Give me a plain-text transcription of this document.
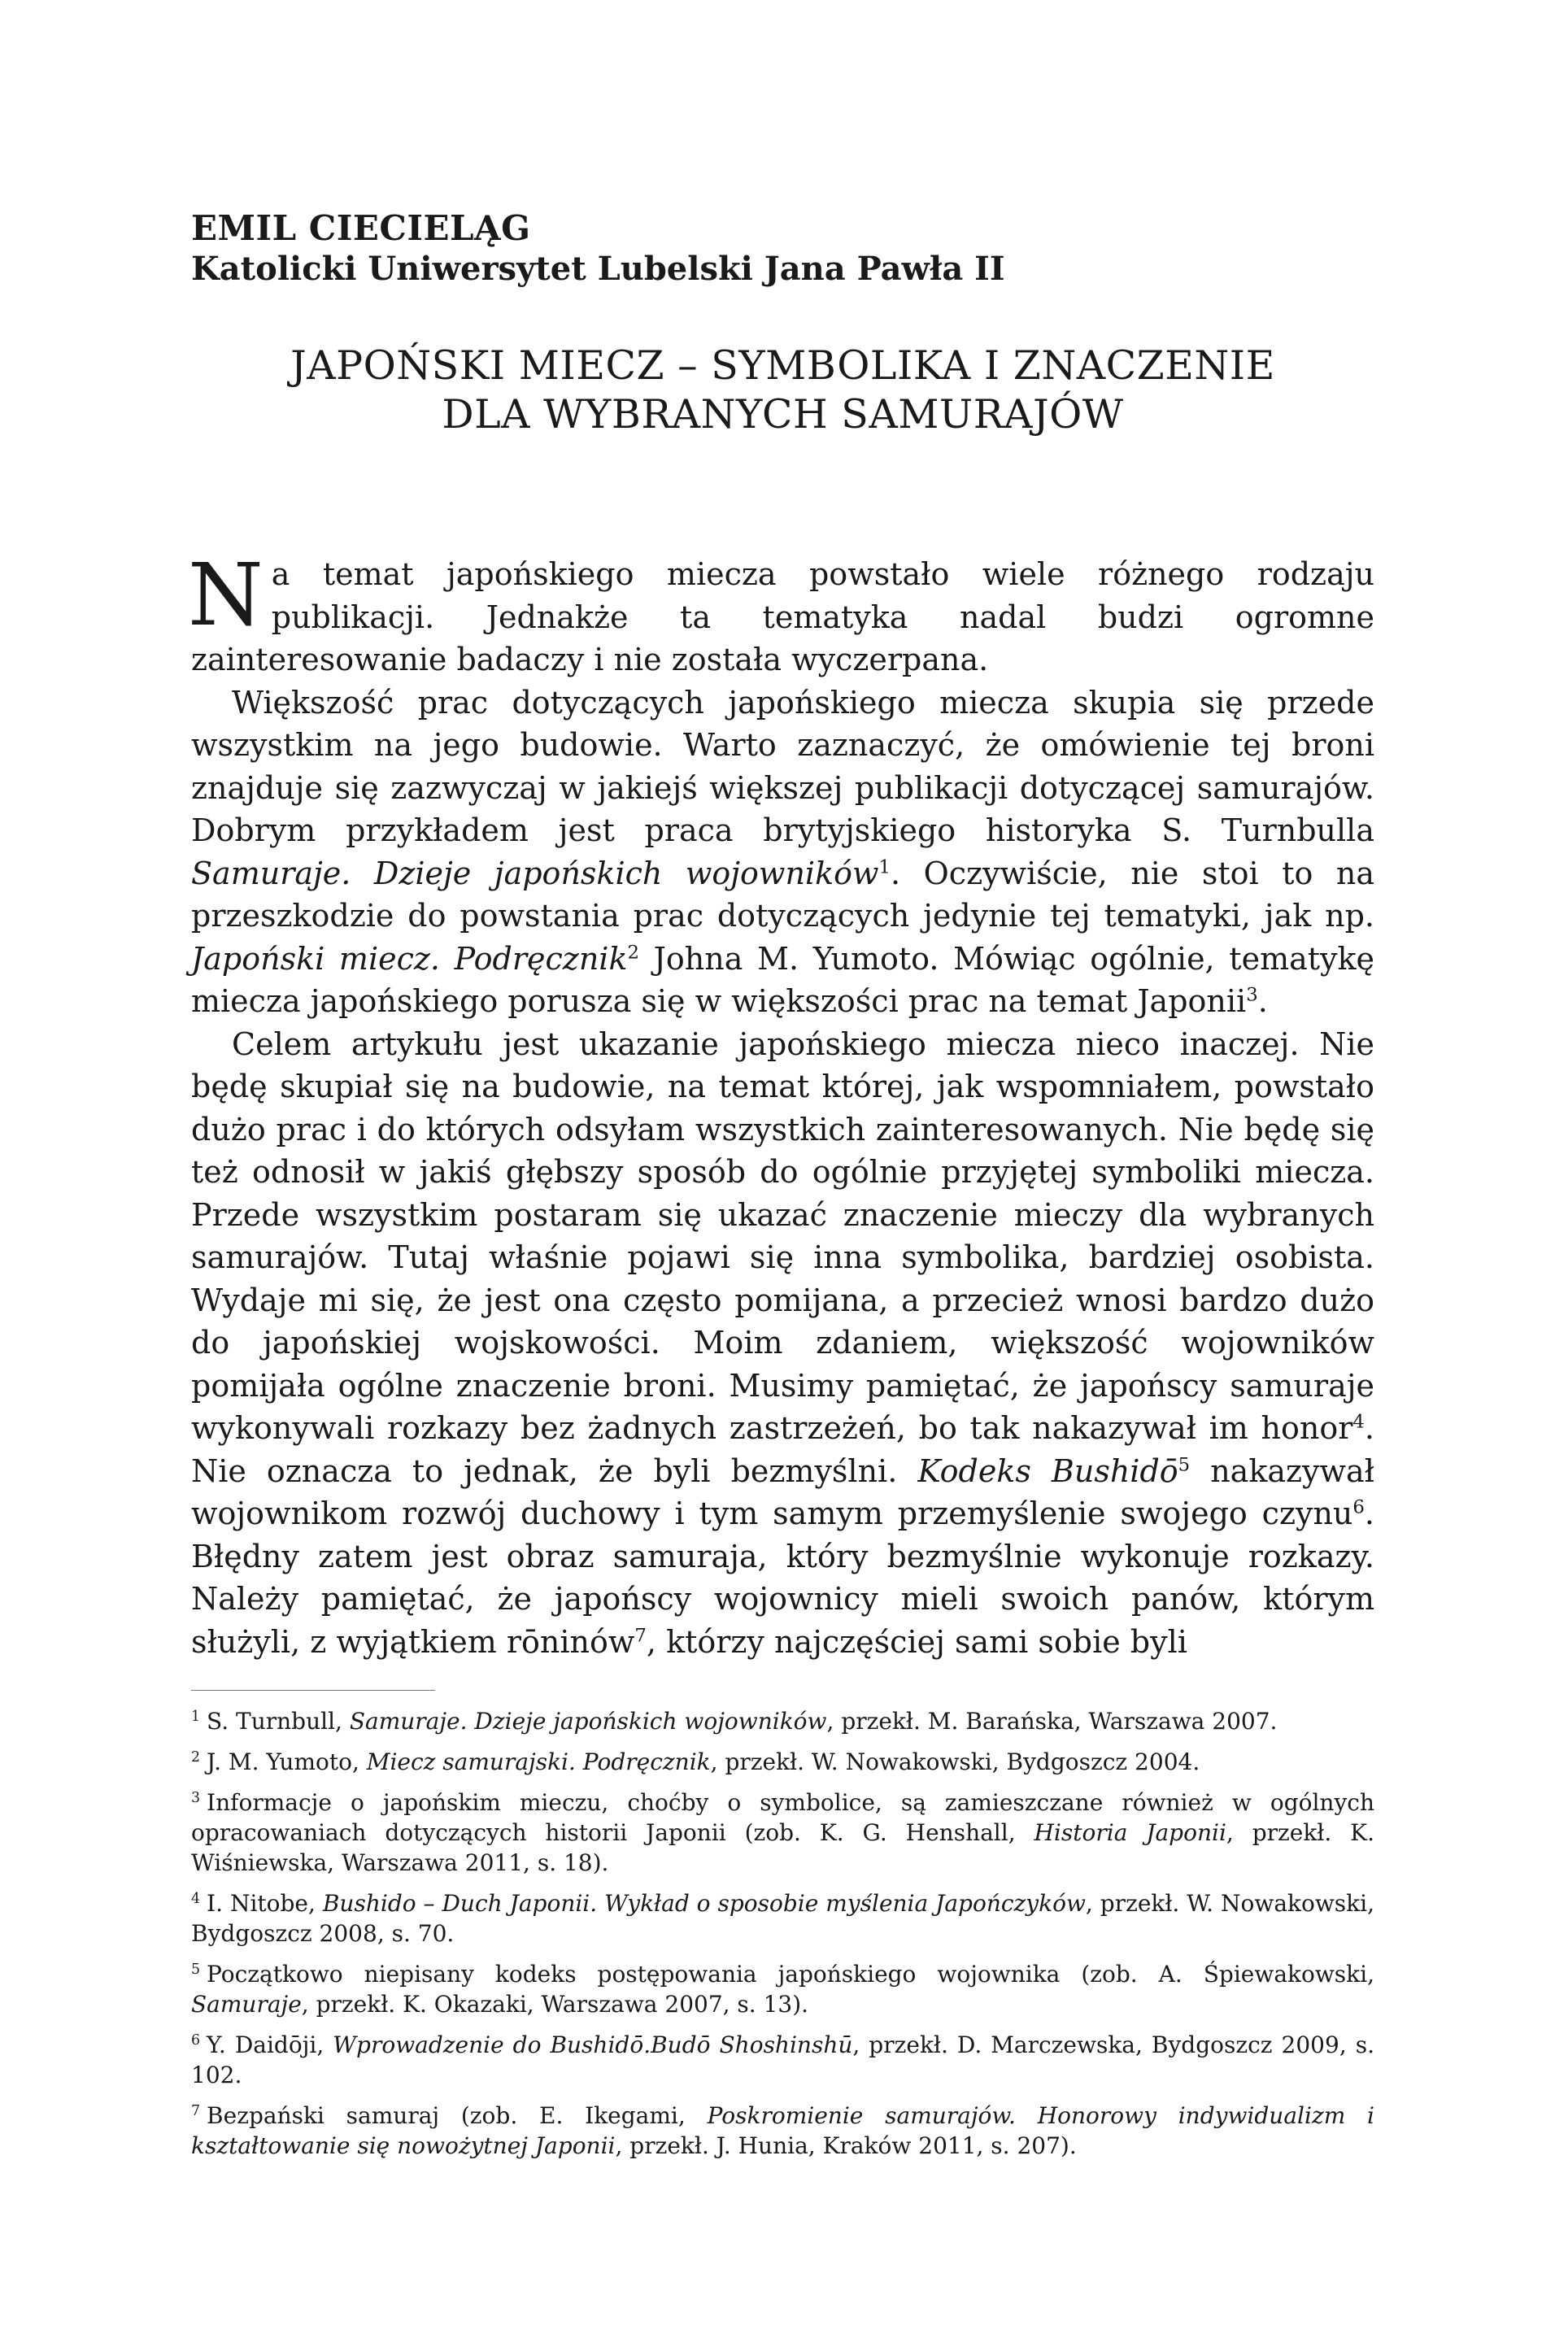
EMIL CIECIELĄG
Katolicki Uniwersytet Lubelski Jana Pawła II
JAPOŃSKI MIECZ – SYMBOLIKA I ZNACZENIE
DLA WYBRANYCH SAMURAJÓW

Na temat japońskiego miecza powstało wiele różnego rodzaju publikacji. Jednakże ta tematyka nadal budzi ogromne zainteresowanie badaczy i nie została wyczerpana.

Większość prac dotyczących japońskiego miecza skupia się przede wszystkim na jego budowie. Warto zaznaczyć, że omówienie tej broni znajduje się zazwyczaj w jakiejś większej publikacji dotyczącej samurajów. Dobrym przykładem jest praca brytyjskiego historyka S. Turnbulla Samuraje. Dzieje japońskich wojowników$^1$. Oczywiście, nie stoi to na przeszkodzie do powstania prac dotyczących jedynie tej tematyki, jak np. Japoński miecz. Podręcznik$^2$ Johna M. Yumoto. Mówiąc ogólnie, tematykę miecza japońskiego porusza się w większości prac na temat Japonii$^3$.

Celem artykułu jest ukazanie japońskiego miecza nieco inaczej. Nie będę skupiał się na budowie, na temat której, jak wspomniałem, powstało dużo prac i do których odsyłam wszystkich zainteresowanych. Nie będę się też odnosił w jakiś głębszy sposób do ogólnie przyjętej symboliki miecza. Przede wszystkim postaram się ukazać znaczenie mieczy dla wybranych samurajów. Tutaj właśnie pojawi się inna symbolika, bardziej osobista. Wydaje mi się, że jest ona często pomijana, a przecież wnosi bardzo dużo do japońskiej wojskowości. Moim zdaniem, większość wojowników pomijała ogólne znaczenie broni. Musimy pamiętać, że japońscy samuraje wykonywali rozkazy bez żadnych zastrzeżeń, bo tak nakazywał im honor$^4$. Nie oznacza to jednak, że byli bezmyślni. Kodeks Bushidō$^5$ nakazywał wojownikom rozwój duchowy i tym samym przemyślenie swojego czynu$^6$. Błędny zatem jest obraz samuraja, który bezmyślnie wykonuje rozkazy. Należy pamiętać, że japońscy wojownicy mieli swoich panów, którym służyli, z wyjątkiem rōninów$^7$, którzy najczęściej sami sobie byli

$^1$ S. Turnbull, Samuraje. Dzieje japońskich wojowników, przekł. M. Barańska, Warszawa 2007.

$^2$ J. M. Yumoto, Miecz samurajski. Podręcznik, przekł. W. Nowakowski, Bydgoszcz 2004.

$^3$ Informacje o japońskim mieczu, choćby o symbolice, są zamieszczane również w ogólnych opracowaniach dotyczących historii Japonii (zob. K. G. Henshall, Historia Japonii, przekł. K. Wiśniewska, Warszawa 2011, s. 18).

$^4$ I. Nitobe, Bushido – Duch Japonii. Wykład o sposobie myślenia Japończyków, przekł. W. Nowakowski, Bydgoszcz 2008, s. 70.

$^5$ Początkowo niepisany kodeks postępowania japońskiego wojownika (zob. A. Śpiewakowski, Samuraje, przekł. K. Okazaki, Warszawa 2007, s. 13).

$^6$ Y. Daidōji, Wprowadzenie do Bushidō.Budō Shoshinshū, przekł. D. Marczewska, Bydgoszcz 2009, s. 102.

$^7$ Bezpański samuraj (zob. E. Ikegami, Poskromienie samurajów. Honorowy indywidualizm i kształtowanie się nowożytnej Japonii, przekł. J. Hunia, Kraków 2011, s. 207).
